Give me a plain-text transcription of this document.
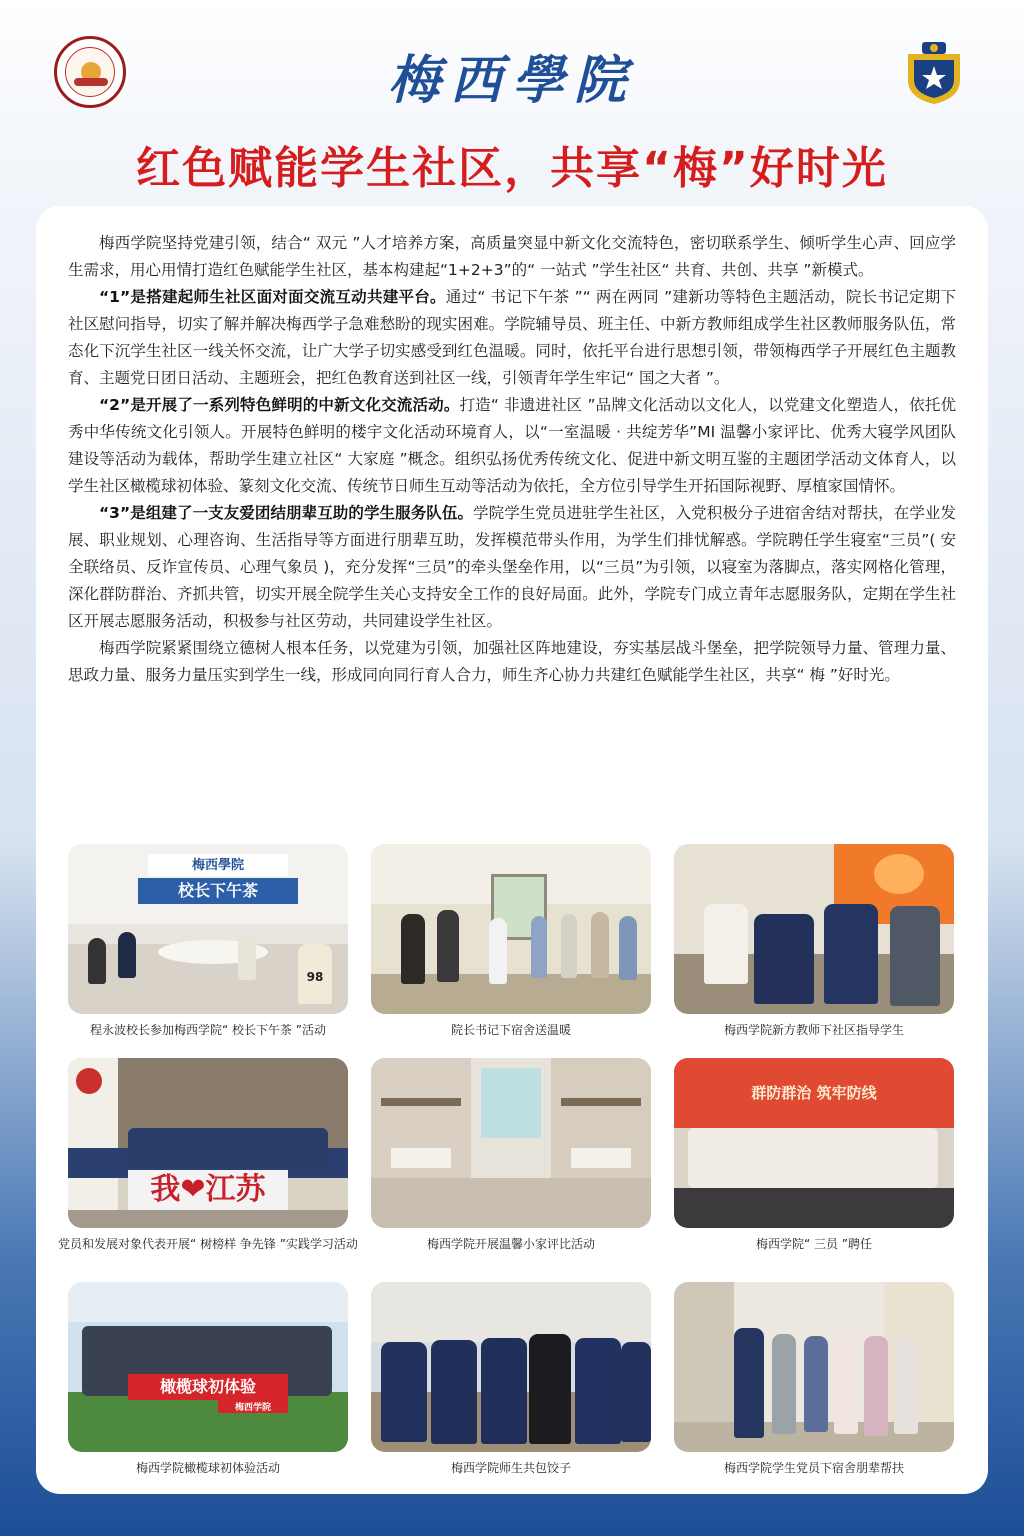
梅西學院
红色赋能学生社区，共享“梅”好时光

梅西学院坚持党建引领，结合“ 双元 ”人才培养方案，高质量突显中新文化交流特色，密切联系学生、倾听学生心声、回应学生需求，用心用情打造红色赋能学生社区，基本构建起“1+2+3”的“ 一站式 ”学生社区“ 共育、共创、共享 ”新模式。

“1”是搭建起师生社区面对面交流互动共建平台。通过“ 书记下午茶 ”“ 两在两同 ”建新功等特色主题活动，院长书记定期下社区慰问指导，切实了解并解决梅西学子急难愁盼的现实困难。学院辅导员、班主任、中新方教师组成学生社区教师服务队伍，常态化下沉学生社区一线关怀交流，让广大学子切实感受到红色温暖。同时，依托平台进行思想引领，带领梅西学子开展红色主题教育、主题党日团日活动、主题班会，把红色教育送到社区一线，引领青年学生牢记“ 国之大者 ”。

“2”是开展了一系列特色鲜明的中新文化交流活动。打造“ 非遗进社区 ”品牌文化活动以文化人，以党建文化塑造人，依托优秀中华传统文化引领人。开展特色鲜明的楼宇文化活动环境育人，以“一室温暖 · 共绽芳华”MI 温馨小家评比、优秀大寝学风团队建设等活动为载体，帮助学生建立社区“ 大家庭 ”概念。组织弘扬优秀传统文化、促进中新文明互鉴的主题团学活动文体育人，以学生社区橄榄球初体验、篆刻文化交流、传统节日师生互动等活动为依托，全方位引导学生开拓国际视野、厚植家国情怀。

“3”是组建了一支友爱团结朋辈互助的学生服务队伍。学院学生党员进驻学生社区，入党积极分子进宿舍结对帮扶，在学业发展、职业规划、心理咨询、生活指导等方面进行朋辈互助，发挥模范带头作用，为学生们排忧解惑。学院聘任学生寝室“三员”( 安全联络员、反诈宣传员、心理气象员 )，充分发挥“三员”的牵头堡垒作用，以“三员”为引领，以寝室为落脚点，落实网格化管理，深化群防群治、齐抓共管，切实开展全院学生关心支持安全工作的良好局面。此外，学院专门成立青年志愿服务队，定期在学生社区开展志愿服务活动，积极参与社区劳动，共同建设学生社区。

梅西学院紧紧围绕立德树人根本任务，以党建为引领，加强社区阵地建设，夯实基层战斗堡垒，把学院领导力量、管理力量、思政力量、服务力量压实到学生一线，形成同向同行育人合力，师生齐心协力共建红色赋能学生社区，共享“ 梅 ”好时光。

梅西學院
校长下午茶
98
程永波校长参加梅西学院“ 校长下午茶 ”活动	院长书记下宿舍送温暖	梅西学院新方教师下社区指导学生
我❤江苏
党员和发展对象代表开展“ 树榜样 争先锋 ”实践学习活动	梅西学院开展温馨小家评比活动
群防群治 筑牢防线
梅西学院“ 三员 ”聘任
橄榄球初体验
梅西学院
梅西学院橄榄球初体验活动	梅西学院师生共包饺子	梅西学院学生党员下宿舍朋辈帮扶
